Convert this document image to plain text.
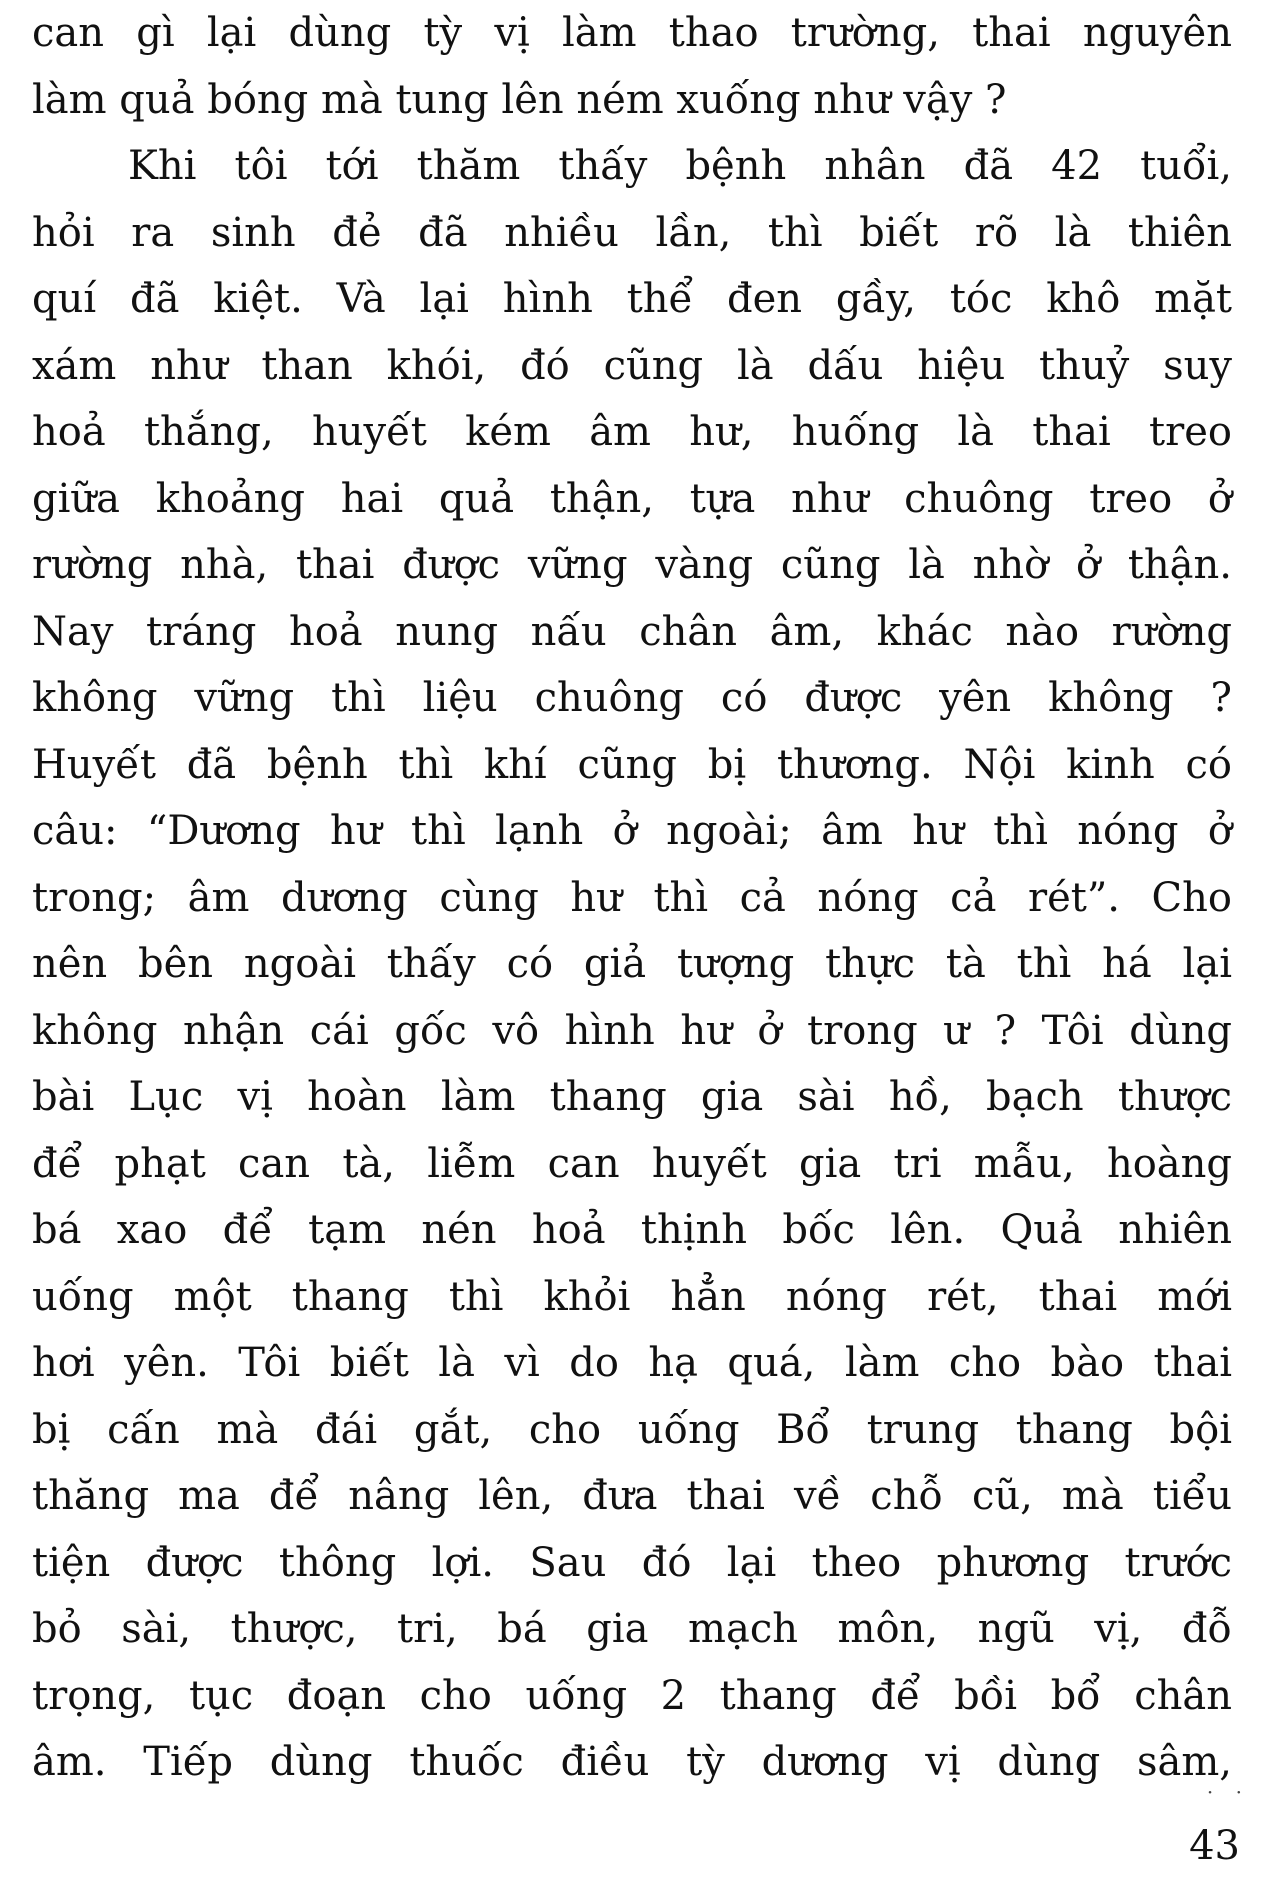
can gì lại dùng tỳ vị làm thao trường, thai nguyên
làm quả bóng mà tung lên ném xuống như vậy ?
Khi tôi tới thăm thấy bệnh nhân đã 42 tuổi,
hỏi ra sinh đẻ đã nhiều lần, thì biết rõ là thiên
quí đã kiệt. Và lại hình thể đen gầy, tóc khô mặt
xám như than khói, đó cũng là dấu hiệu thuỷ suy
hoả thắng, huyết kém âm hư, huống là thai treo
giữa khoảng hai quả thận, tựa như chuông treo ở
rường nhà, thai được vững vàng cũng là nhờ ở thận.
Nay tráng hoả nung nấu chân âm, khác nào rường
không vững thì liệu chuông có được yên không ?
Huyết đã bệnh thì khí cũng bị thương. Nội kinh có
câu: “Dương hư thì lạnh ở ngoài; âm hư thì nóng ở
trong; âm dương cùng hư thì cả nóng cả rét”. Cho
nên bên ngoài thấy có giả tượng thực tà thì há lại
không nhận cái gốc vô hình hư ở trong ư ? Tôi dùng
bài Lục vị hoàn làm thang gia sài hồ, bạch thược
để phạt can tà, liễm can huyết gia tri mẫu, hoàng
bá xao để tạm nén hoả thịnh bốc lên. Quả nhiên
uống một thang thì khỏi hẳn nóng rét, thai mới
hơi yên. Tôi biết là vì do hạ quá, làm cho bào thai
bị cấn mà đái gắt, cho uống Bổ trung thang bội
thăng ma để nâng lên, đưa thai về chỗ cũ, mà tiểu
tiện được thông lợi. Sau đó lại theo phương trước
bỏ sài, thược, tri, bá gia mạch môn, ngũ vị, đỗ
trọng, tục đoạn cho uống 2 thang để bồi bổ chân
âm. Tiếp dùng thuốc điều tỳ dương vị dùng sâm,
· ·
43
